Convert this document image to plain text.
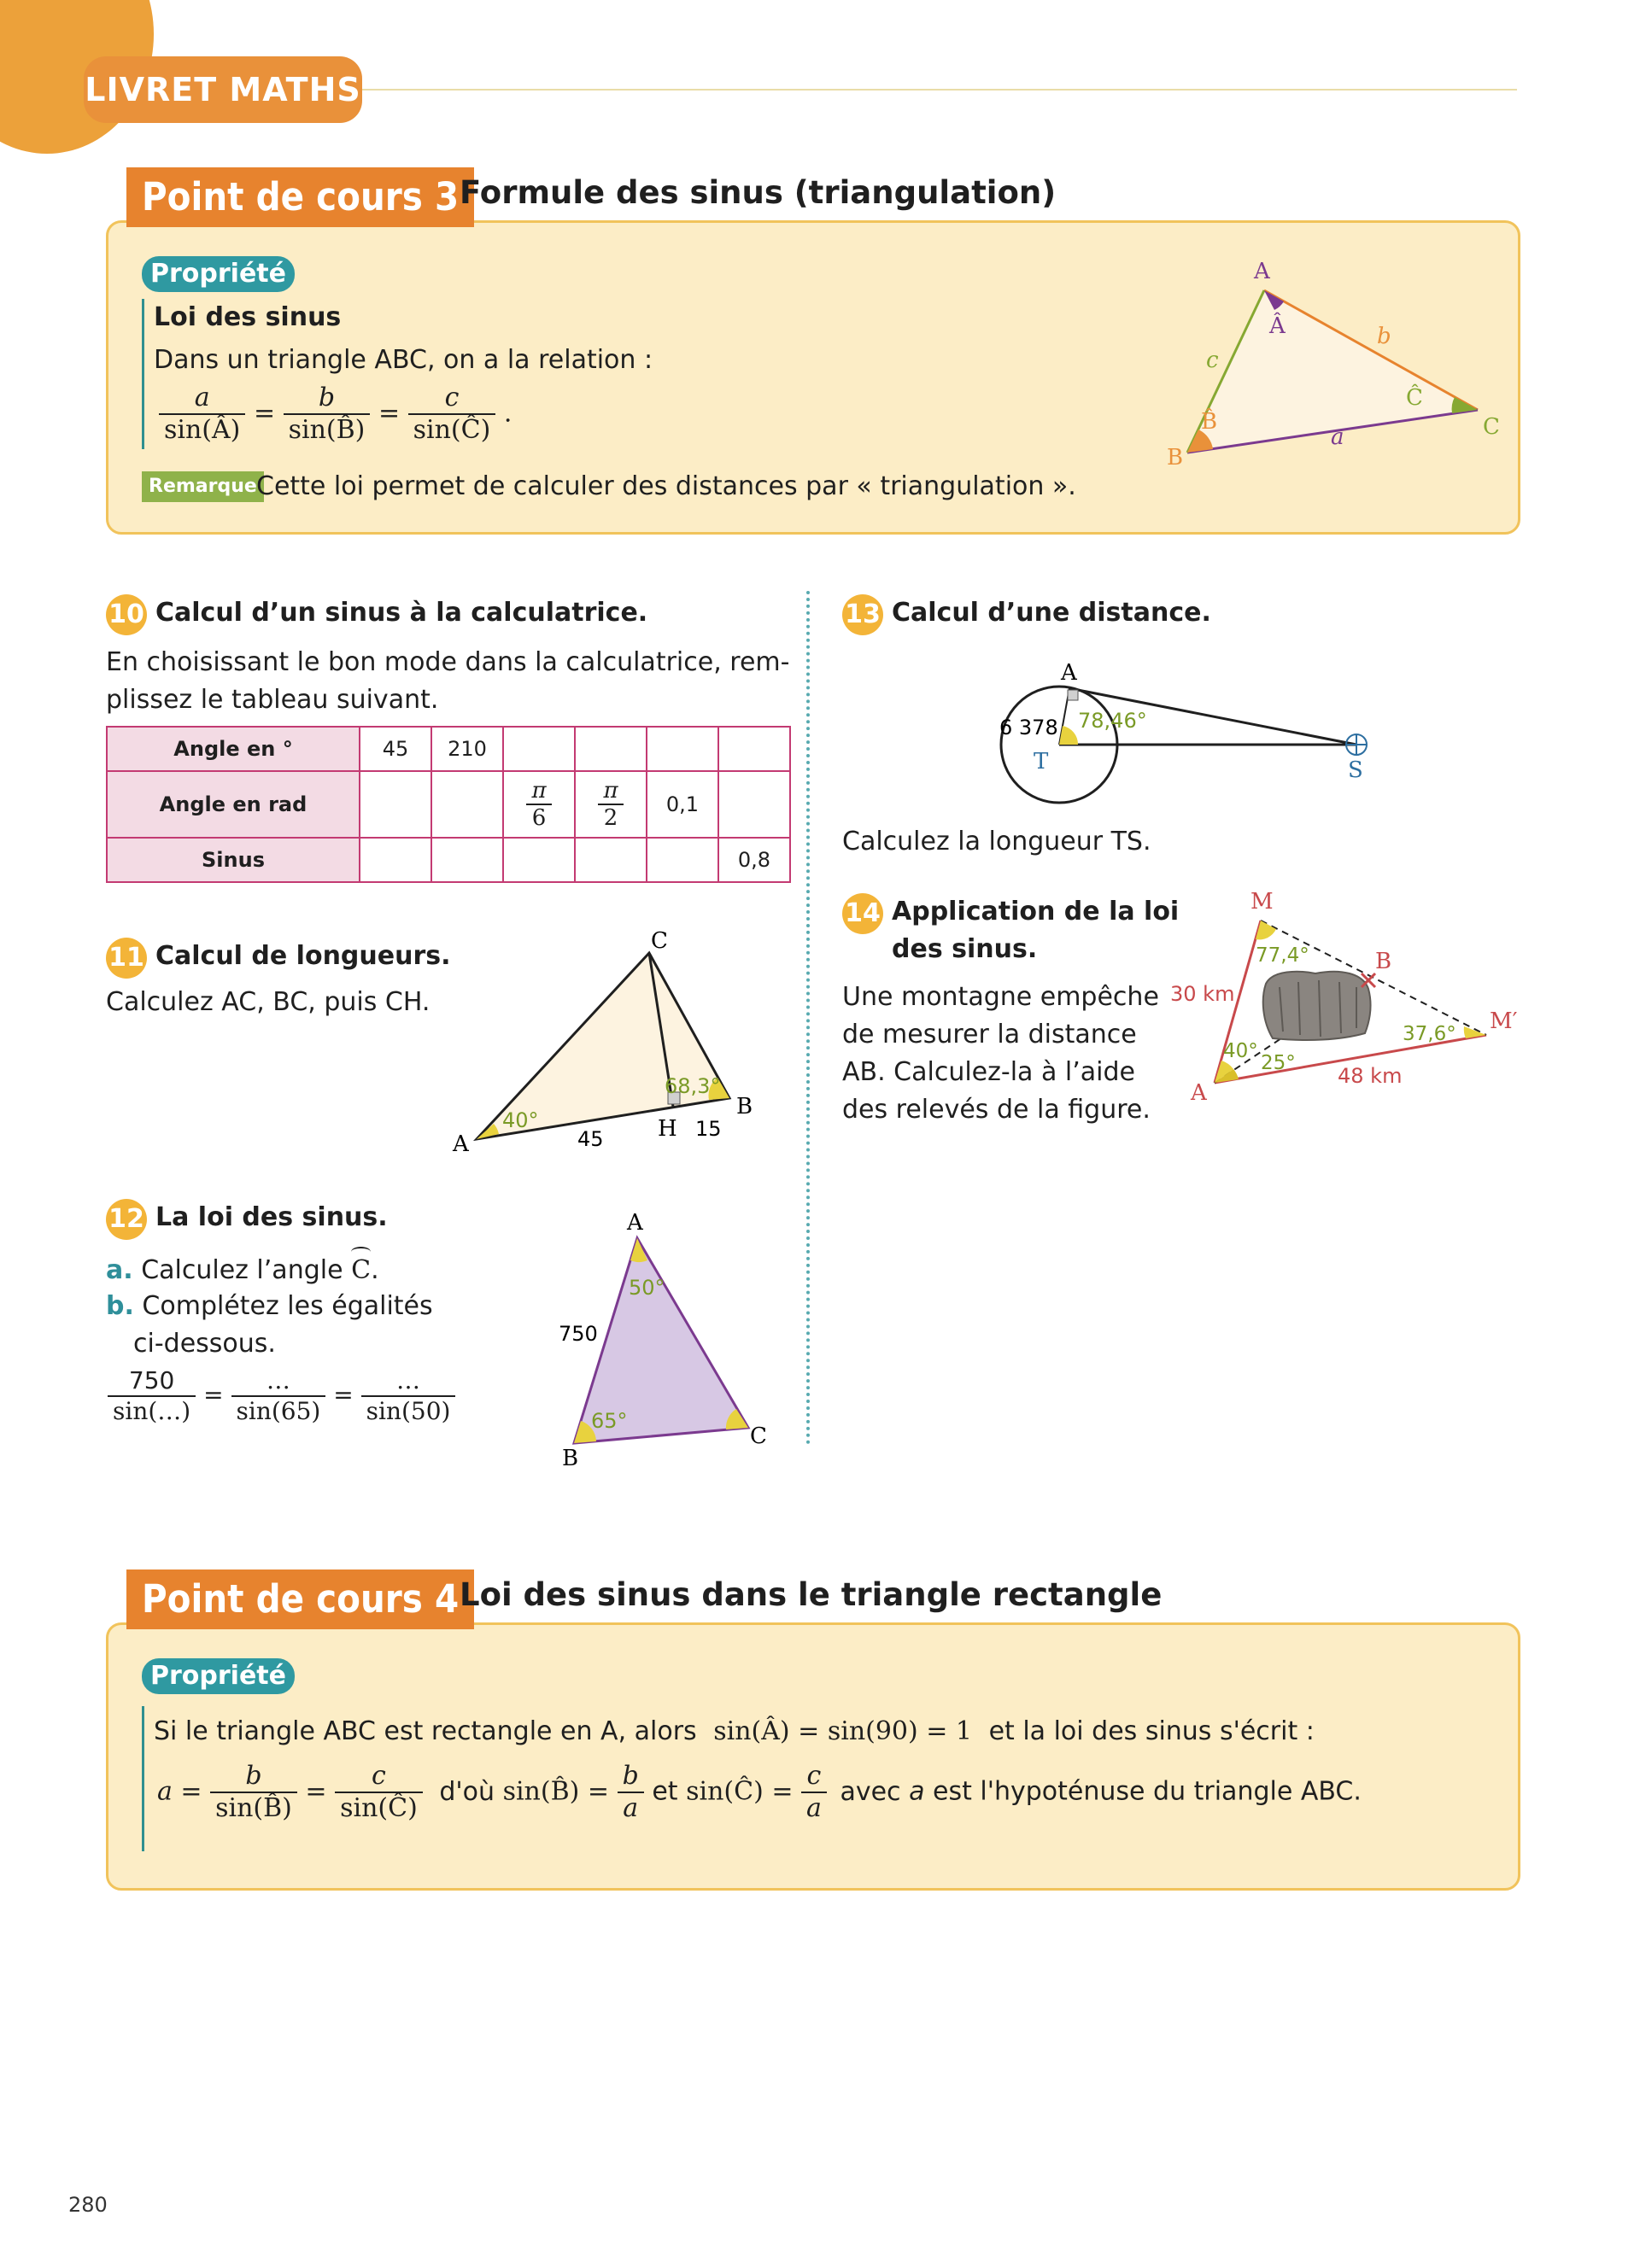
LIVRET MATHS
Point de cours 3 Formule des sinus (triangulation)
Propriété
Loi des sinus
Dans un triangle ABC, on a la relation :
$\frac{a}{\sin(Â)} = \frac{b}{\sin(B̂)} = \frac{c}{\sin(Ĉ)}$ .
Remarque Cette loi permet de calculer des distances par « triangulation ».
A
B
C
Â
B̂
Ĉ
b
a
c
10 Calcul d’un sinus à la calculatrice.
En choisissant le bon mode dans la calculatrice, rem-
plissez le tableau suivant.
Angle en °	45	210				
Angle en rad			$\frac{\pi}{6}$	$\frac{\pi}{2}$	0,1	
Sinus						0,8
11 Calcul de longueurs.
Calculez AC, BC, puis CH.
A
C
B
H
40°
68,3°
45	15
12 La loi des sinus.
a. Calculez l’angle C
.
b. Complétez les égalités
ci-dessous.
$\frac{750}{\sin(\dots)} = \frac{\dots}{\sin(65)} = \frac{\dots}{\sin(50)}$
A
B
C
750
50°
65°
13 Calcul d’une distance.
A
T	S
6 378 78,46°
Calculez la longueur TS.
14 Application de la loi
des sinus.
Une montagne empêche
de mesurer la distance
AB. Calculez-la à l’aide
des relevés de la figure.
M
M′
A
B
77,4°
37,6°
40°
25°
30 km
48 km
Point de cours 4 Loi des sinus dans le triangle rectangle
Propriété
Si le triangle ABC est rectangle en A, alors sin(Â) = sin(90) = 1 et la loi des sinus s'écrit :
$a = \frac{b}{\sin(B̂)} = \frac{c}{\sin(Ĉ)}$ d'où sin(B̂) = $\frac{b}{a}$ et sin(Ĉ) = $\frac{c}{a}$ avec a est l'hypoténuse du triangle ABC.
280
